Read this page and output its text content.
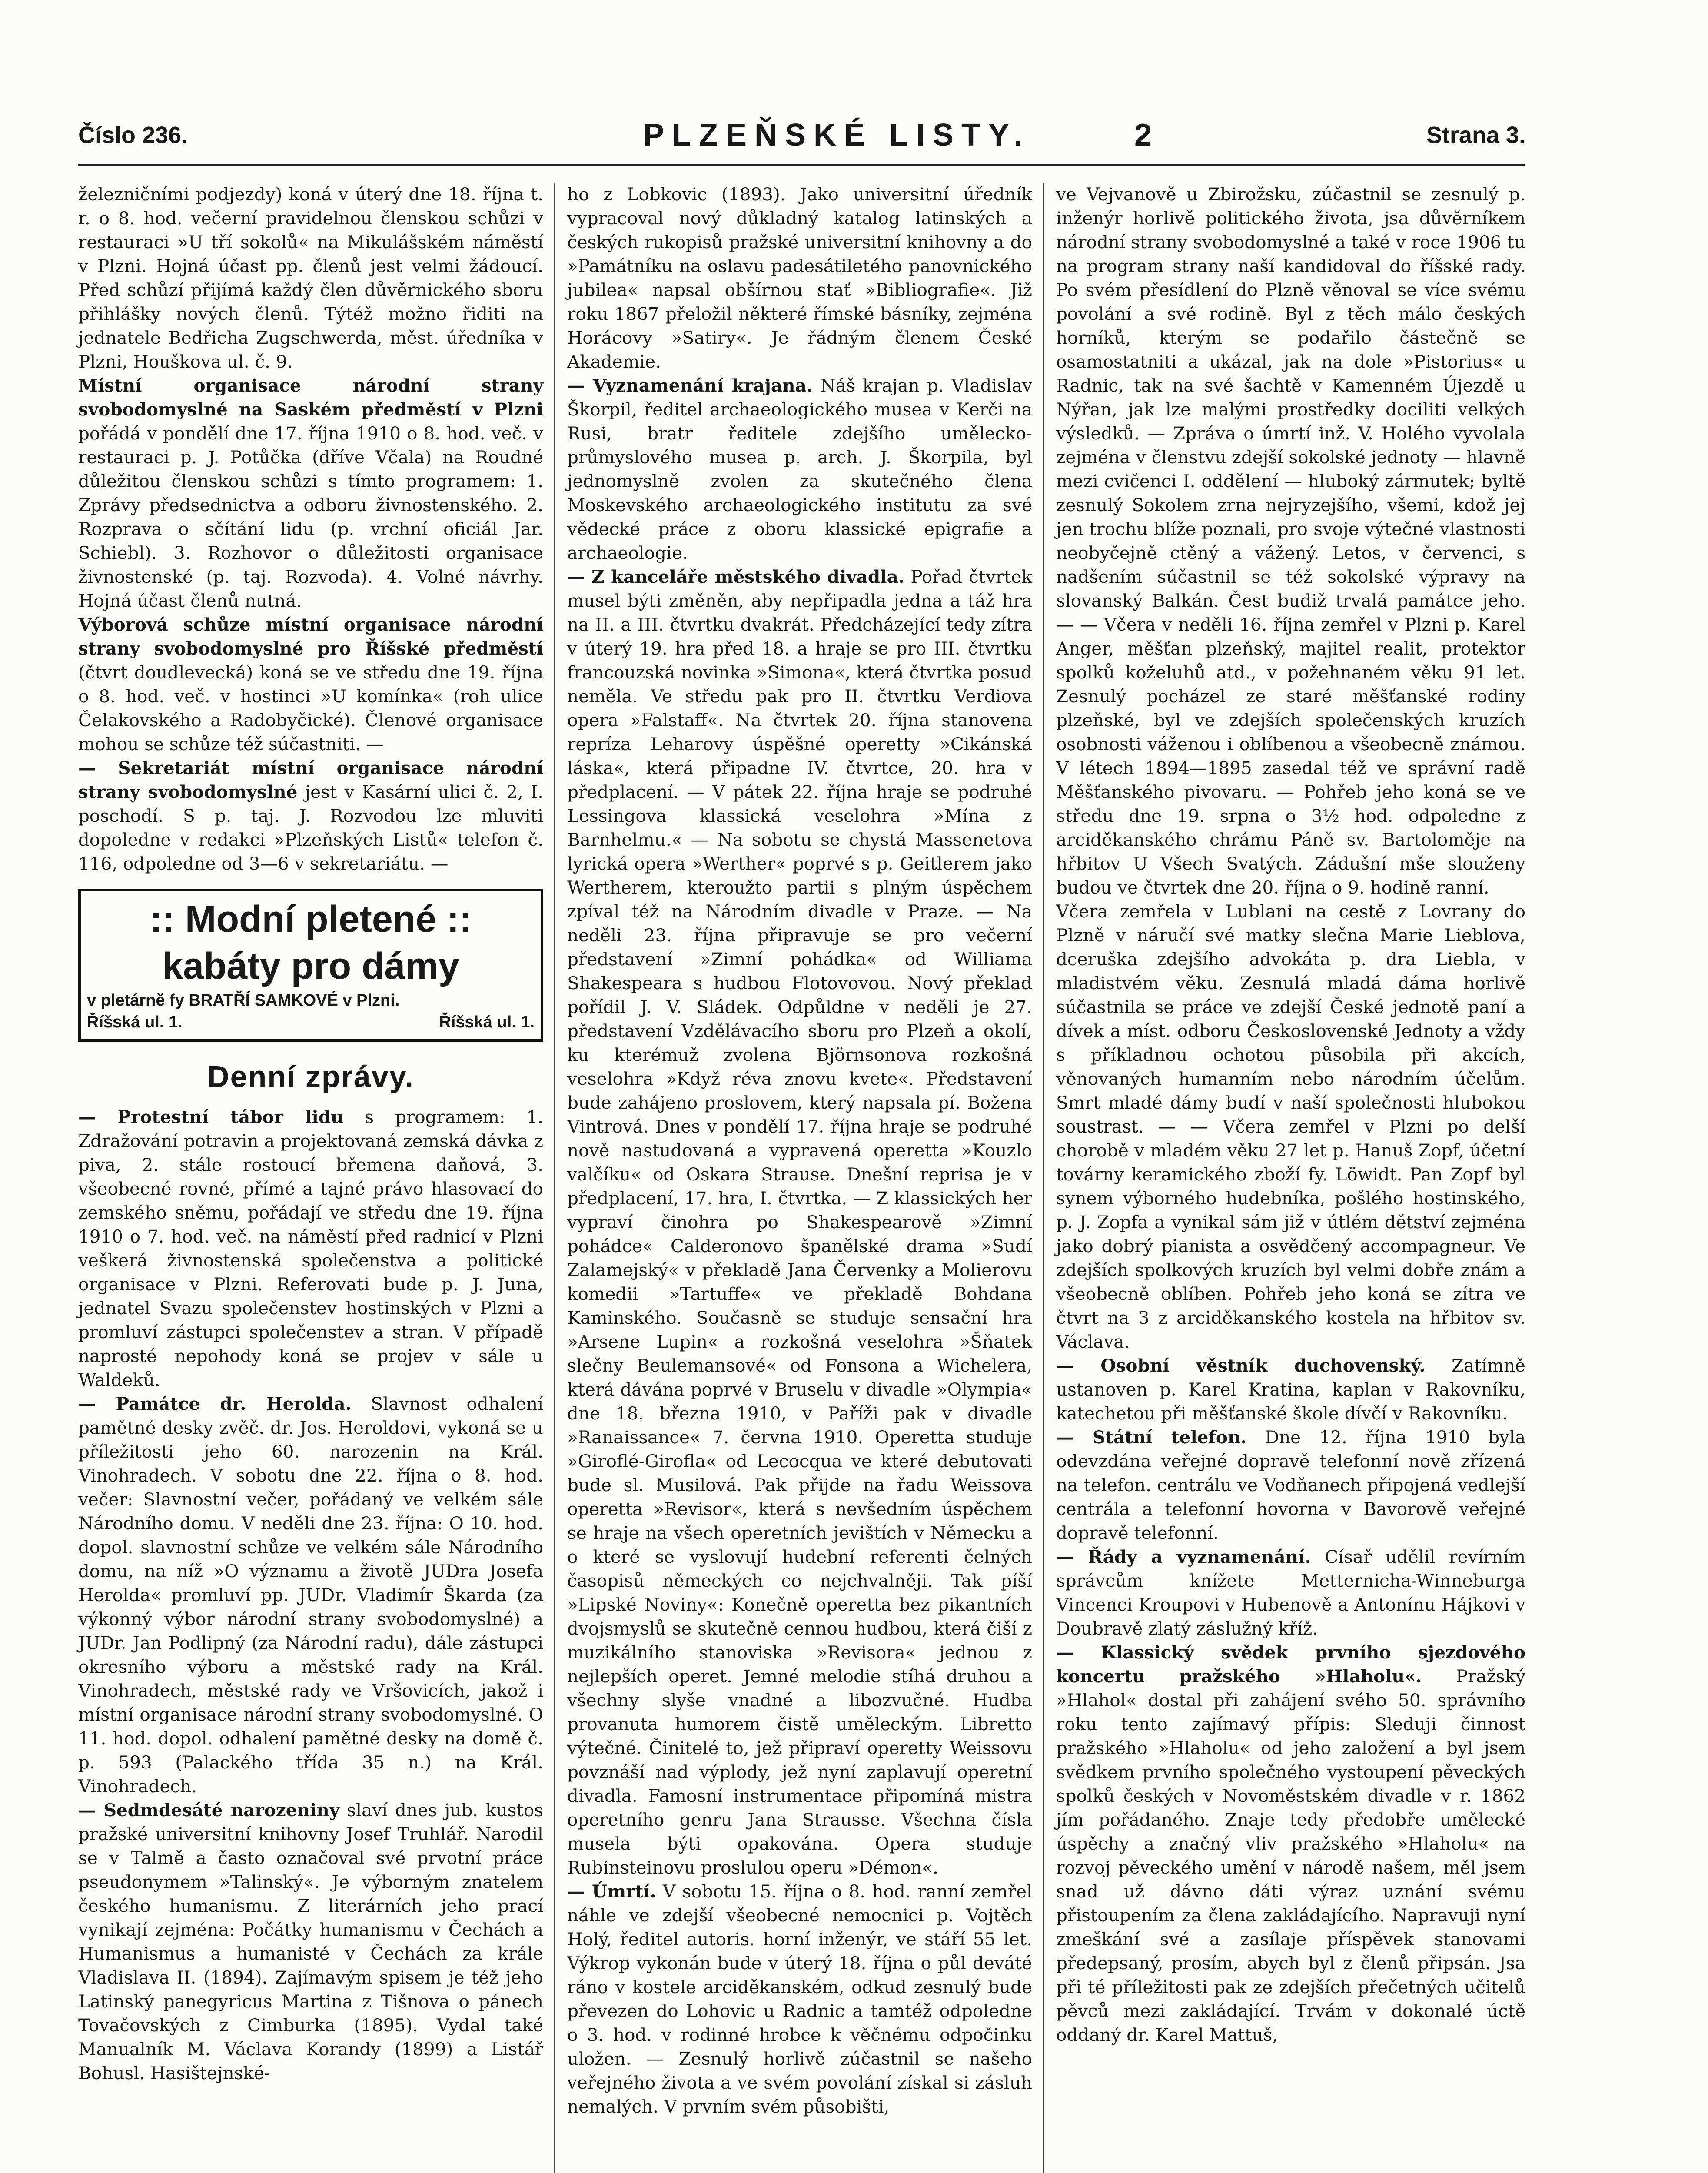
Číslo 236.	PLZEŇSKÉ LISTY.	2	Strana 3.

železničními podjezdy) koná v úterý dne 18. října t. r. o 8. hod. večerní pravidelnou členskou schůzi v restauraci »U tří sokolů« na Mikulášském náměstí v Plzni. Hojná účast pp. členů jest velmi žádoucí. Před schůzí přijímá každý člen důvěrnického sboru přihlášky nových členů. Týtéž možno řiditi na jednatele Bedřicha Zugschwerda, měst. úředníka v Plzni, Houškova ul. č. 9.

Místní organisace národní strany svobodomyslné na Saském předměstí v Plzni pořádá v pondělí dne 17. října 1910 o 8. hod. več. v restauraci p. J. Potůčka (dříve Včala) na Roudné důležitou členskou schůzi s tímto programem: 1. Zprávy předsednictva a odboru živnostenského. 2. Rozprava o sčítání lidu (p. vrchní oficiál Jar. Schiebl). 3. Rozhovor o důležitosti organisace živnostenské (p. taj. Rozvoda). 4. Volné návrhy. Hojná účast členů nutná.

Výborová schůze místní organisace národní strany svobodomyslné pro Říšské předměstí (čtvrt doudlevecká) koná se ve středu dne 19. října o 8. hod. več. v hostinci »U komínka« (roh ulice Čelakovského a Radobyčické). Členové organisace mohou se schůze též súčastniti. —

— Sekretariát místní organisace národní strany svobodomyslné jest v Kasární ulici č. 2, I. poschodí. S p. taj. J. Rozvodou lze mluviti dopoledne v redakci »Plzeňských Listů« telefon č. 116, odpoledne od 3—6 v sekretariátu. —

:: Modní pletené ::
kabáty pro dámy
v pletárně fy BRATŘÍ SAMKOVÉ v Plzni.
Říšská ul. 1.	Říšská ul. 1.
Denní zprávy.

— Protestní tábor lidu s programem: 1. Zdražování potravin a projektovaná zemská dávka z piva, 2. stále rostoucí břemena daňová, 3. všeobecné rovné, přímé a tajné právo hlasovací do zemského sněmu, pořádají ve středu dne 19. října 1910 o 7. hod. več. na náměstí před radnicí v Plzni veškerá živnostenská společenstva a politické organisace v Plzni. Referovati bude p. J. Juna, jednatel Svazu společenstev hostinských v Plzni a promluví zástupci společenstev a stran. V případě naprosté nepohody koná se projev v sále u Waldeků.

— Památce dr. Herolda. Slavnost odhalení pamětné desky zvěč. dr. Jos. Heroldovi, vykoná se u příležitosti jeho 60. narozenin na Král. Vinohradech. V sobotu dne 22. října o 8. hod. večer: Slavnostní večer, pořádaný ve velkém sále Národního domu. V neděli dne 23. října: O 10. hod. dopol. slavnostní schůze ve velkém sále Národního domu, na níž »O významu a životě JUDra Josefa Herolda« promluví pp. JUDr. Vladimír Škarda (za výkonný výbor národní strany svobodomyslné) a JUDr. Jan Podlipný (za Národní radu), dále zástupci okresního výboru a městské rady na Král. Vinohradech, městské rady ve Vršovicích, jakož i místní organisace národní strany svobodomyslné. O 11. hod. dopol. odhalení pamětné desky na domě č. p. 593 (Palackého třída 35 n.) na Král. Vinohradech.

— Sedmdesáté narozeniny slaví dnes jub. kustos pražské universitní knihovny Josef Truhlář. Narodil se v Talmě a často označoval své prvotní práce pseudonymem »Talinský«. Je výborným znatelem českého humanismu. Z literárních jeho prací vynikají zejména: Počátky humanismu v Čechách a Humanismus a humanisté v Čechách za krále Vladislava II. (1894). Zajímavým spisem je též jeho Latinský panegyricus Martina z Tišnova o pánech Tovačovských z Cimburka (1895). Vydal také Manualník M. Václava Korandy (1899) a Listář Bohusl. Hasištejnské-

ho z Lobkovic (1893). Jako universitní úředník vypracoval nový důkladný katalog latinských a českých rukopisů pražské universitní knihovny a do »Památníku na oslavu padesátiletého panovnického jubilea« napsal obšírnou stať »Bibliografie«. Již roku 1867 přeložil některé římské básníky, zejména Horácovy »Satiry«. Je řádným členem České Akademie.

— Vyznamenání krajana. Náš krajan p. Vladislav Škorpil, ředitel archaeologického musea v Kerči na Rusi, bratr ředitele zdejšího umělecko-průmyslového musea p. arch. J. Škorpila, byl jednomyslně zvolen za skutečného člena Moskevského archaeologického institutu za své vědecké práce z oboru klassické epigrafie a archaeologie.

— Z kanceláře městského divadla. Pořad čtvrtek musel býti změněn, aby nepřipadla jedna a táž hra na II. a III. čtvrtku dvakrát. Předcházející tedy zítra v úterý 19. hra před 18. a hraje se pro III. čtvrtku francouzská novinka »Simona«, která čtvrtka posud neměla. Ve středu pak pro II. čtvrtku Verdiova opera »Falstaff«. Na čtvrtek 20. října stanovena repríza Leharovy úspěšné operetty »Cikánská láska«, která připadne IV. čtvrtce, 20. hra v předplacení. — V pátek 22. října hraje se podruhé Lessingova klassická veselohra »Mína z Barnhelmu.« — Na sobotu se chystá Massenetova lyrická opera »Werther« poprvé s p. Geitlerem jako Wertherem, kteroužto partii s plným úspěchem zpíval též na Národním divadle v Praze. — Na neděli 23. října připravuje se pro večerní představení »Zimní pohádka« od Williama Shakespeara s hudbou Flotovovou. Nový překlad pořídil J. V. Sládek. Odpůldne v neděli je 27. představení Vzdělávacího sboru pro Plzeň a okolí, ku kterémuž zvolena Björnsonova rozkošná veselohra »Když réva znovu kvete«. Představení bude zahájeno proslovem, který napsala pí. Božena Vintrová. Dnes v pondělí 17. října hraje se podruhé nově nastudovaná a vypravená operetta »Kouzlo valčíku« od Oskara Strause. Dnešní reprisa je v předplacení, 17. hra, I. čtvrtka. — Z klassických her vypraví činohra po Shakespearově »Zimní pohádce« Calderonovo španělské drama »Sudí Zalamejský« v překladě Jana Červenky a Molierovu komedii »Tartuffe« ve překladě Bohdana Kaminského. Současně se studuje sensační hra »Arsene Lupin« a rozkošná veselohra »Šňatek slečny Beulemansové« od Fonsona a Wichelera, která dávána poprvé v Bruselu v divadle »Olympia« dne 18. března 1910, v Paříži pak v divadle »Ranaissance« 7. června 1910. Operetta studuje »Giroflé-Girofla« od Lecocqua ve které debutovati bude sl. Musilová. Pak přijde na řadu Weissova operetta »Revisor«, která s nevšedním úspěchem se hraje na všech operetních jevištích v Německu a o které se vyslovují hudební referenti čelných časopisů německých co nejchvalněji. Tak píší »Lipské Noviny«: Konečně operetta bez pikantních dvojsmyslů se skutečně cennou hudbou, která čiší z muzikálního stanoviska »Revisora« jednou z nejlepších operet. Jemné melodie stíhá druhou a všechny slyše vnadné a libozvučné. Hudba provanuta humorem čistě uměleckým. Libretto výtečné. Činitelé to, jež připraví operetty Weissovu povznáší nad výplody, jež nyní zaplavují operetní divadla. Famosní instrumentace připomíná mistra operetního genru Jana Strausse. Všechna čísla musela býti opakována. Opera studuje Rubinsteinovu proslulou operu »Démon«.

— Úmrtí. V sobotu 15. října o 8. hod. ranní zemřel náhle ve zdejší všeobecné nemocnici p. Vojtěch Holý, ředitel autoris. horní inženýr, ve stáří 55 let. Výkrop vykonán bude v úterý 18. října o půl deváté ráno v kostele arciděkanském, odkud zesnulý bude převezen do Lohovic u Radnic a tamtéž odpoledne o 3. hod. v rodinné hrobce k věčnému odpočinku uložen. — Zesnulý horlivě zúčastnil se našeho veřejného života a ve svém povolání získal si zásluh nemalých. V prvním svém působišti,

ve Vejvanově u Zbirožsku, zúčastnil se zesnulý p. inženýr horlivě politického života, jsa důvěrníkem národní strany svobodomyslné a také v roce 1906 tu na program strany naší kandidoval do říšské rady. Po svém přesídlení do Plzně věnoval se více svému povolání a své rodině. Byl z těch málo českých horníků, kterým se podařilo částečně se osamostatniti a ukázal, jak na dole »Pistorius« u Radnic, tak na své šachtě v Kamenném Újezdě u Nýřan, jak lze malými prostředky dociliti velkých výsledků. — Zpráva o úmrtí inž. V. Holého vyvolala zejména v členstvu zdejší sokolské jednoty — hlavně mezi cvičenci I. oddělení — hluboký zármutek; byltě zesnulý Sokolem zrna nejryzejšího, všemi, kdož jej jen trochu blíže poznali, pro svoje výtečné vlastnosti neobyčejně ctěný a vážený. Letos, v červenci, s nadšením súčastnil se též sokolské výpravy na slovanský Balkán. Čest budiž trvalá památce jeho. — — Včera v neděli 16. října zemřel v Plzni p. Karel Anger, měšťan plzeňský, majitel realit, protektor spolků koželuhů atd., v požehnaném věku 91 let. Zesnulý pocházel ze staré měšťanské rodiny plzeňské, byl ve zdejších společenských kruzích osobnosti váženou i oblíbenou a všeobecně známou. V létech 1894—1895 zasedal též ve správní radě Měšťanského pivovaru. — Pohřeb jeho koná se ve středu dne 19. srpna o 3½ hod. odpoledne z arciděkanského chrámu Páně sv. Bartoloměje na hřbitov U Všech Svatých. Zádušní mše slouženy budou ve čtvrtek dne 20. října o 9. hodině ranní.

Včera zemřela v Lublani na cestě z Lovrany do Plzně v náručí své matky slečna Marie Lieblova, dceruška zdejšího advokáta p. dra Liebla, v mladistvém věku. Zesnulá mladá dáma horlivě súčastnila se práce ve zdejší České jednotě paní a dívek a míst. odboru Československé Jednoty a vždy s příkladnou ochotou působila při akcích, věnovaných humanním nebo národním účelům. Smrt mladé dámy budí v naší společnosti hlubokou soustrast. — — Včera zemřel v Plzni po delší chorobě v mladém věku 27 let p. Hanuš Zopf, účetní továrny keramického zboží fy. Löwidt. Pan Zopf byl synem výborného hudebníka, pošlého hostinského, p. J. Zopfa a vynikal sám již v útlém dětství zejména jako dobrý pianista a osvědčený accompagneur. Ve zdejších spolkových kruzích byl velmi dobře znám a všeobecně oblíben. Pohřeb jeho koná se zítra ve čtvrt na 3 z arciděkanského kostela na hřbitov sv. Václava.

— Osobní věstník duchovenský. Zatímně ustanoven p. Karel Kratina, kaplan v Rakovníku, katechetou při měšťanské škole dívčí v Rakovníku.

— Státní telefon. Dne 12. října 1910 byla odevzdána veřejné dopravě telefonní nově zřízená na telefon. centrálu ve Vodňanech připojená vedlejší centrála a telefonní hovorna v Bavorově veřejné dopravě telefonní.

— Řády a vyznamenání. Císař udělil revírním správcům knížete Metternicha-Winneburga Vincenci Kroupovi v Hubenově a Antonínu Hájkovi v Doubravě zlatý záslužný kříž.

— Klassický svědek prvního sjezdového koncertu pražského »Hlaholu«. Pražský »Hlahol« dostal při zahájení svého 50. správního roku tento zajímavý přípis: Sleduji činnost pražského »Hlaholu« od jeho založení a byl jsem svědkem prvního společného vystoupení pěveckých spolků českých v Novoměstském divadle v r. 1862 jím pořádaného. Znaje tedy předobře umělecké úspěchy a značný vliv pražského »Hlaholu« na rozvoj pěveckého umění v národě našem, měl jsem snad už dávno dáti výraz uznání svému přistoupením za člena zakládajícího. Napravuji nyní zmeškání své a zasílaje příspěvek stanovami předepsaný, prosím, abych byl z členů připsán. Jsa při té příležitosti pak ze zdejších přečetných učitelů pěvců mezi zakládající. Trvám v dokonalé úctě oddaný dr. Karel Mattuš,
